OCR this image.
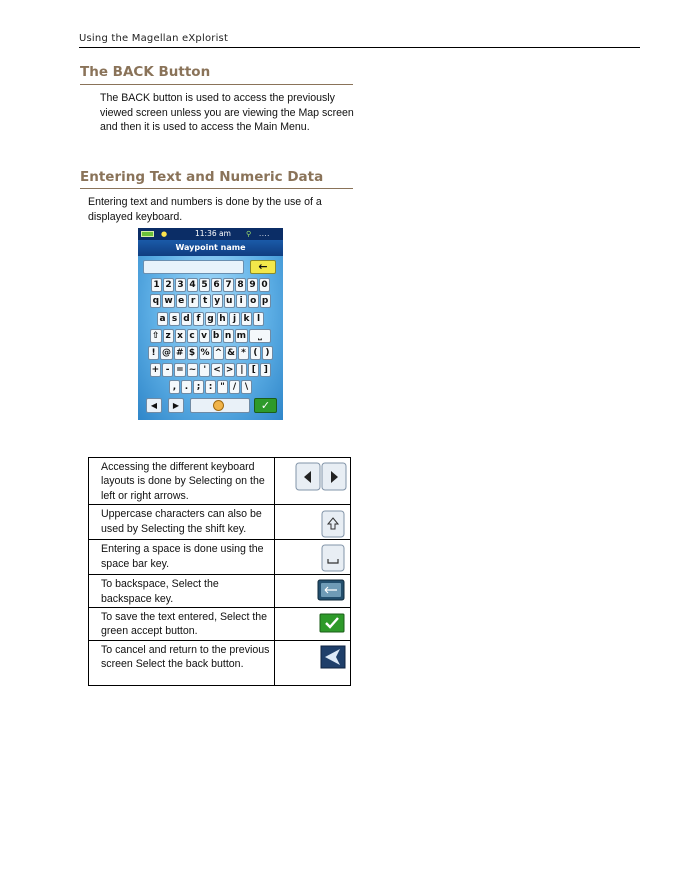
Using the Magellan eXplorist
The BACK Button
The BACK button is used to access the previously viewed screen unless you are viewing the Map screen and then it is used to access the Main Menu.
Entering Text and Numeric Data
Entering text and numbers is done by the use of a displayed keyboard.
●	11:36 am ⚲ ....
Waypoint name
←
1 2 3 4 5 6 7 8 9 0
q w e r t y u i o p
a s d f g h j k l
⇧ z x c v b n m	⎵
! @ # $ % ^ & * ( )
+ - = ~ ' < > | [ ]
, . ; : " / \
◀	▶	✓
Accessing the different keyboard layouts is done by Selecting on the left or right arrows.	

Uppercase characters can also be used by Selecting the shift key.	

Entering a space is done using the space bar key.	

To backspace, Select the backspace key.	

To save the text entered, Select the green accept button.	

To cancel and return to the previous screen Select the back button.	
